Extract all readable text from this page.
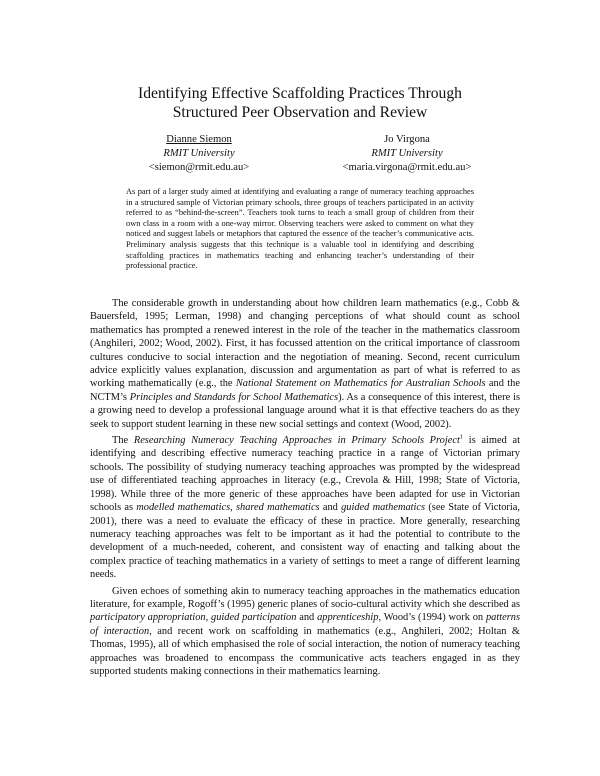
Identifying Effective Scaffolding Practices Through
Structured Peer Observation and Review
Dianne Siemon
RMIT University
<siemon@rmit.edu.au>
Jo Virgona
RMIT University
<maria.virgona@rmit.edu.au>
As part of a larger study aimed at identifying and evaluating a range of numeracy teaching approaches in a structured sample of Victorian primary schools, three groups of teachers participated in an activity referred to as “behind-the-screen”. Teachers took turns to teach a small group of children from their own class in a room with a one-way mirror. Observing teachers were asked to comment on what they noticed and suggest labels or metaphors that captured the essence of the teacher’s communicative acts. Preliminary analysis suggests that this technique is a valuable tool in identifying and describing scaffolding practices in mathematics teaching and enhancing teacher’s understanding of their professional practice.

The considerable growth in understanding about how children learn mathematics (e.g., Cobb & Bauersfeld, 1995; Lerman, 1998) and changing perceptions of what should count as school mathematics has prompted a renewed interest in the role of the teacher in the mathematics classroom (Anghileri, 2002; Wood, 2002). First, it has focussed attention on the critical importance of classroom cultures conducive to social interaction and the negotiation of meaning. Second, recent curriculum advice explicitly values explanation, discussion and argumentation as part of what is referred to as working mathematically (e.g., the National Statement on Mathematics for Australian Schools and the NCTM’s Principles and Standards for School Mathematics). As a consequence of this interest, there is a growing need to develop a professional language around what it is that effective teachers do as they seek to support student learning in these new social settings and context (Wood, 2002).

The Researching Numeracy Teaching Approaches in Primary Schools Project$^1$ is aimed at identifying and describing effective numeracy teaching practice in a range of Victorian primary schools. The possibility of studying numeracy teaching approaches was prompted by the widespread use of differentiated teaching approaches in literacy (e.g., Crevola & Hill, 1998; State of Victoria, 1998). While three of the more generic of these approaches have been adapted for use in Victorian schools as modelled mathematics, shared mathematics and guided mathematics (see State of Victoria, 2001), there was a need to evaluate the efficacy of these in practice. More generally, researching numeracy teaching approaches was felt to be important as it had the potential to contribute to the development of a much-needed, coherent, and consistent way of enacting and talking about the complex practice of teaching mathematics in a variety of settings to meet a range of different learning needs.

Given echoes of something akin to numeracy teaching approaches in the mathematics education literature, for example, Rogoff’s (1995) generic planes of socio-cultural activity which she described as participatory appropriation, guided participation and apprenticeship, Wood’s (1994) work on patterns of interaction, and recent work on scaffolding in mathematics (e.g., Anghileri, 2002; Holtan & Thomas, 1995), all of which emphasised the role of social interaction, the notion of numeracy teaching approaches was broadened to encompass the communicative acts teachers engaged in as they supported students making connections in their mathematics learning.
